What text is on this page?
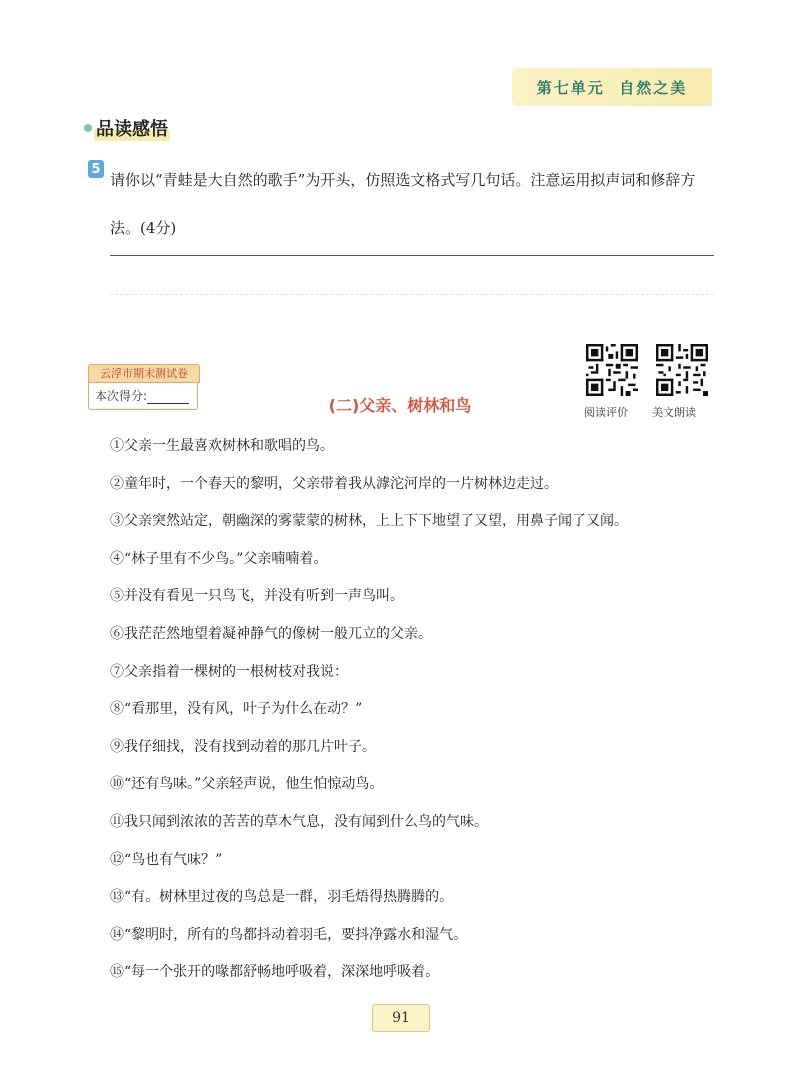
第七单元  自然之美
品读感悟
5
请你以“青蛙是大自然的歌手”为开头，仿照选文格式写几句话。注意运用拟声词和修辞方法。(4分)
云浮市期末测试卷
本次得分:	(二)父亲、树林和鸟	阅读评价 美文朗读
①父亲一生最喜欢树林和歌唱的鸟。
②童年时，一个春天的黎明，父亲带着我从滹沱河岸的一片树林边走过。
③父亲突然站定，朝幽深的雾蒙蒙的树林，上上下下地望了又望，用鼻子闻了又闻。
④“林子里有不少鸟。”父亲喃喃着。
⑤并没有看见一只鸟飞，并没有听到一声鸟叫。
⑥我茫茫然地望着凝神静气的像树一般兀立的父亲。
⑦父亲指着一棵树的一根树枝对我说：
⑧“看那里，没有风，叶子为什么在动？”
⑨我仔细找，没有找到动着的那几片叶子。
⑩“还有鸟味。”父亲轻声说，他生怕惊动鸟。
⑪我只闻到浓浓的苦苦的草木气息，没有闻到什么鸟的气味。
⑫“鸟也有气味？”
⑬“有。树林里过夜的鸟总是一群，羽毛焐得热腾腾的。
⑭“黎明时，所有的鸟都抖动着羽毛，要抖净露水和湿气。
⑮“每一个张开的喙都舒畅地呼吸着，深深地呼吸着。
91
